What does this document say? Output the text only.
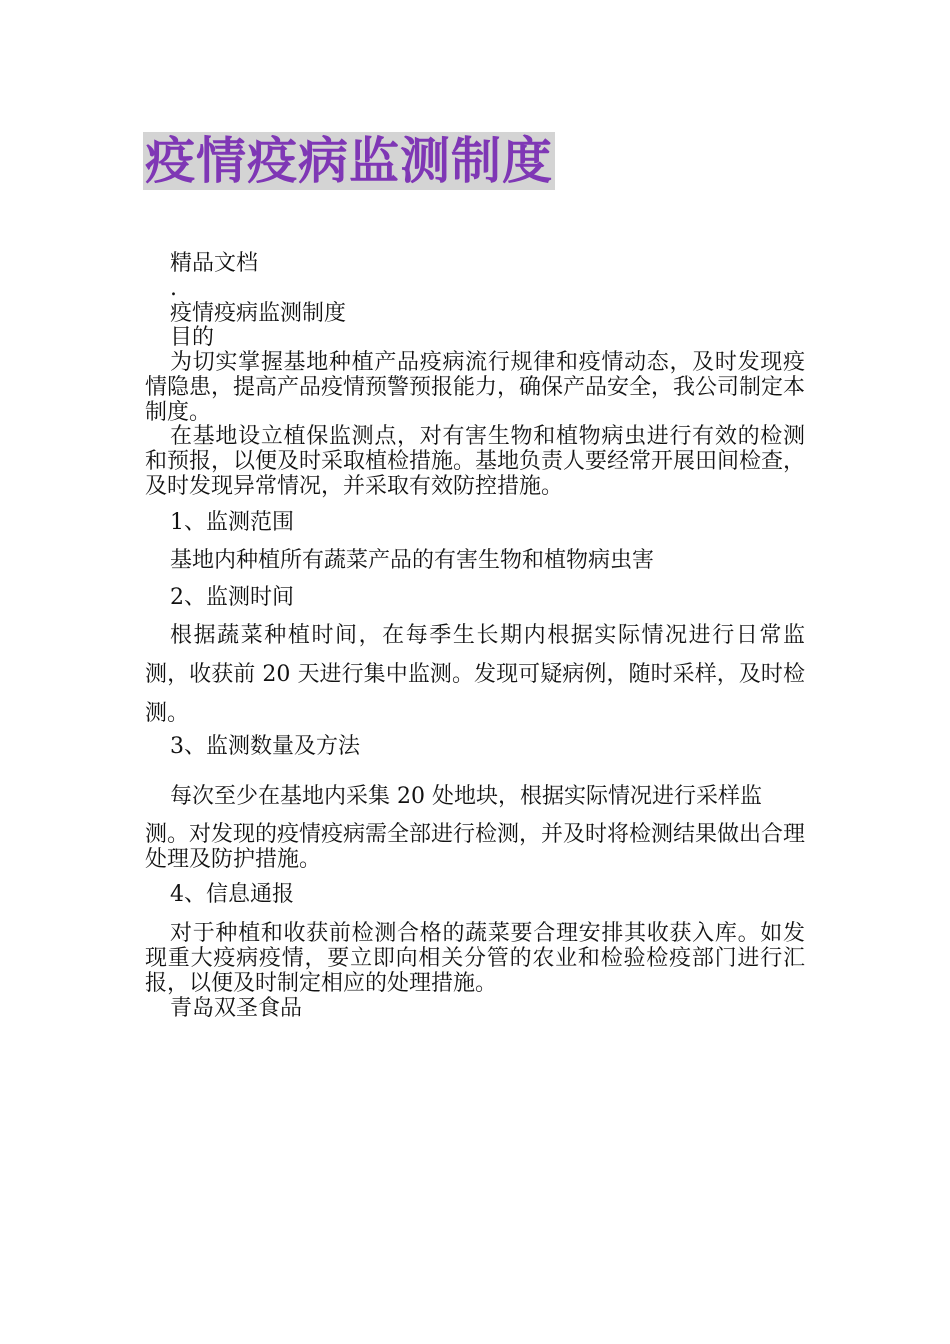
疫情疫病监测制度
精品文档
.
疫情疫病监测制度
目的

为切实掌握基地种植产品疫病流行规律和疫情动态，及时发现疫情隐患，提高产品疫情预警预报能力，确保产品安全，我公司制定本制度。

在基地设立植保监测点，对有害生物和植物病虫进行有效的检测和预报，以便及时采取植检措施。基地负责人要经常开展田间检查，及时发现异常情况，并采取有效防控措施。

1、监测范围

基地内种植所有蔬菜产品的有害生物和植物病虫害

2、监测时间

根据蔬菜种植时间，在每季生长期内根据实际情况进行日常监测，收获前 20 天进行集中监测。发现可疑病例，随时采样，及时检测。

3、监测数量及方法

每次至少在基地内采集 20 处地块，根据实际情况进行采样监

测。对发现的疫情疫病需全部进行检测，并及时将检测结果做出合理处理及防护措施。

4、信息通报

对于种植和收获前检测合格的蔬菜要合理安排其收获入库。如发现重大疫病疫情，要立即向相关分管的农业和检验检疫部门进行汇报，以便及时制定相应的处理措施。

青岛双圣食品
